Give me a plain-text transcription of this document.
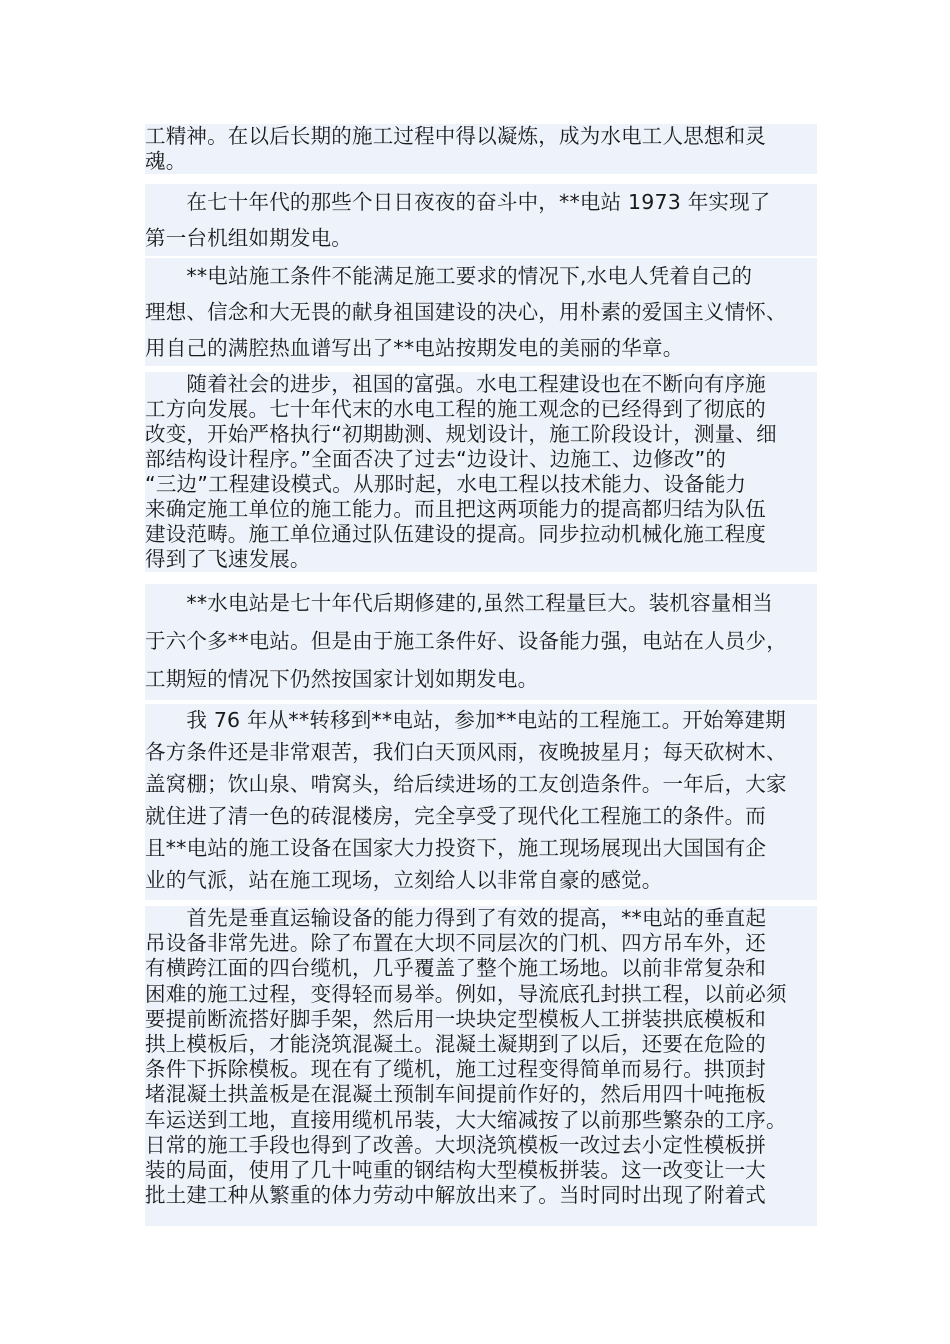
工精神。在以后长期的施工过程中得以凝炼，成为水电工人思想和灵
魂。
　　在七十年代的那些个日日夜夜的奋斗中，**电站 1973 年实现了
第一台机组如期发电。
　　**电站施工条件不能满足施工要求的情况下,水电人凭着自己的
理想、信念和大无畏的献身祖国建设的决心，用朴素的爱国主义情怀、
用自己的满腔热血谱写出了**电站按期发电的美丽的华章。
　　随着社会的进步，祖国的富强。水电工程建设也在不断向有序施
工方向发展。七十年代末的水电工程的施工观念的已经得到了彻底的
改变，开始严格执行“初期勘测、规划设计，施工阶段设计，测量、细
部结构设计程序。”全面否决了过去“边设计、边施工、边修改”的
“三边”工程建设模式。从那时起，水电工程以技术能力、设备能力
来确定施工单位的施工能力。而且把这两项能力的提高都归结为队伍
建设范畴。施工单位通过队伍建设的提高。同步拉动机械化施工程度
得到了飞速发展。
　　**水电站是七十年代后期修建的,虽然工程量巨大。装机容量相当
于六个多**电站。但是由于施工条件好、设备能力强，电站在人员少，
工期短的情况下仍然按国家计划如期发电。
　　我 76 年从**转移到**电站，参加**电站的工程施工。开始筹建期
各方条件还是非常艰苦，我们白天顶风雨，夜晚披星月；每天砍树木、
盖窝棚；饮山泉、啃窝头，给后续进场的工友创造条件。一年后，大家
就住进了清一色的砖混楼房，完全享受了现代化工程施工的条件。而
且**电站的施工设备在国家大力投资下，施工现场展现出大国国有企
业的气派，站在施工现场，立刻给人以非常自豪的感觉。
　　首先是垂直运输设备的能力得到了有效的提高，**电站的垂直起
吊设备非常先进。除了布置在大坝不同层次的门机、四方吊车外，还
有横跨江面的四台缆机，几乎覆盖了整个施工场地。以前非常复杂和
困难的施工过程，变得轻而易举。例如，导流底孔封拱工程，以前必须
要提前断流搭好脚手架，然后用一块块定型模板人工拼装拱底模板和
拱上模板后，才能浇筑混凝土。混凝土凝期到了以后，还要在危险的
条件下拆除模板。现在有了缆机，施工过程变得简单而易行。拱顶封
堵混凝土拱盖板是在混凝土预制车间提前作好的，然后用四十吨拖板
车运送到工地，直接用缆机吊装，大大缩减按了以前那些繁杂的工序。
日常的施工手段也得到了改善。大坝浇筑模板一改过去小定性模板拼
装的局面，使用了几十吨重的钢结构大型模板拼装。这一改变让一大
批土建工种从繁重的体力劳动中解放出来了。当时同时出现了附着式
